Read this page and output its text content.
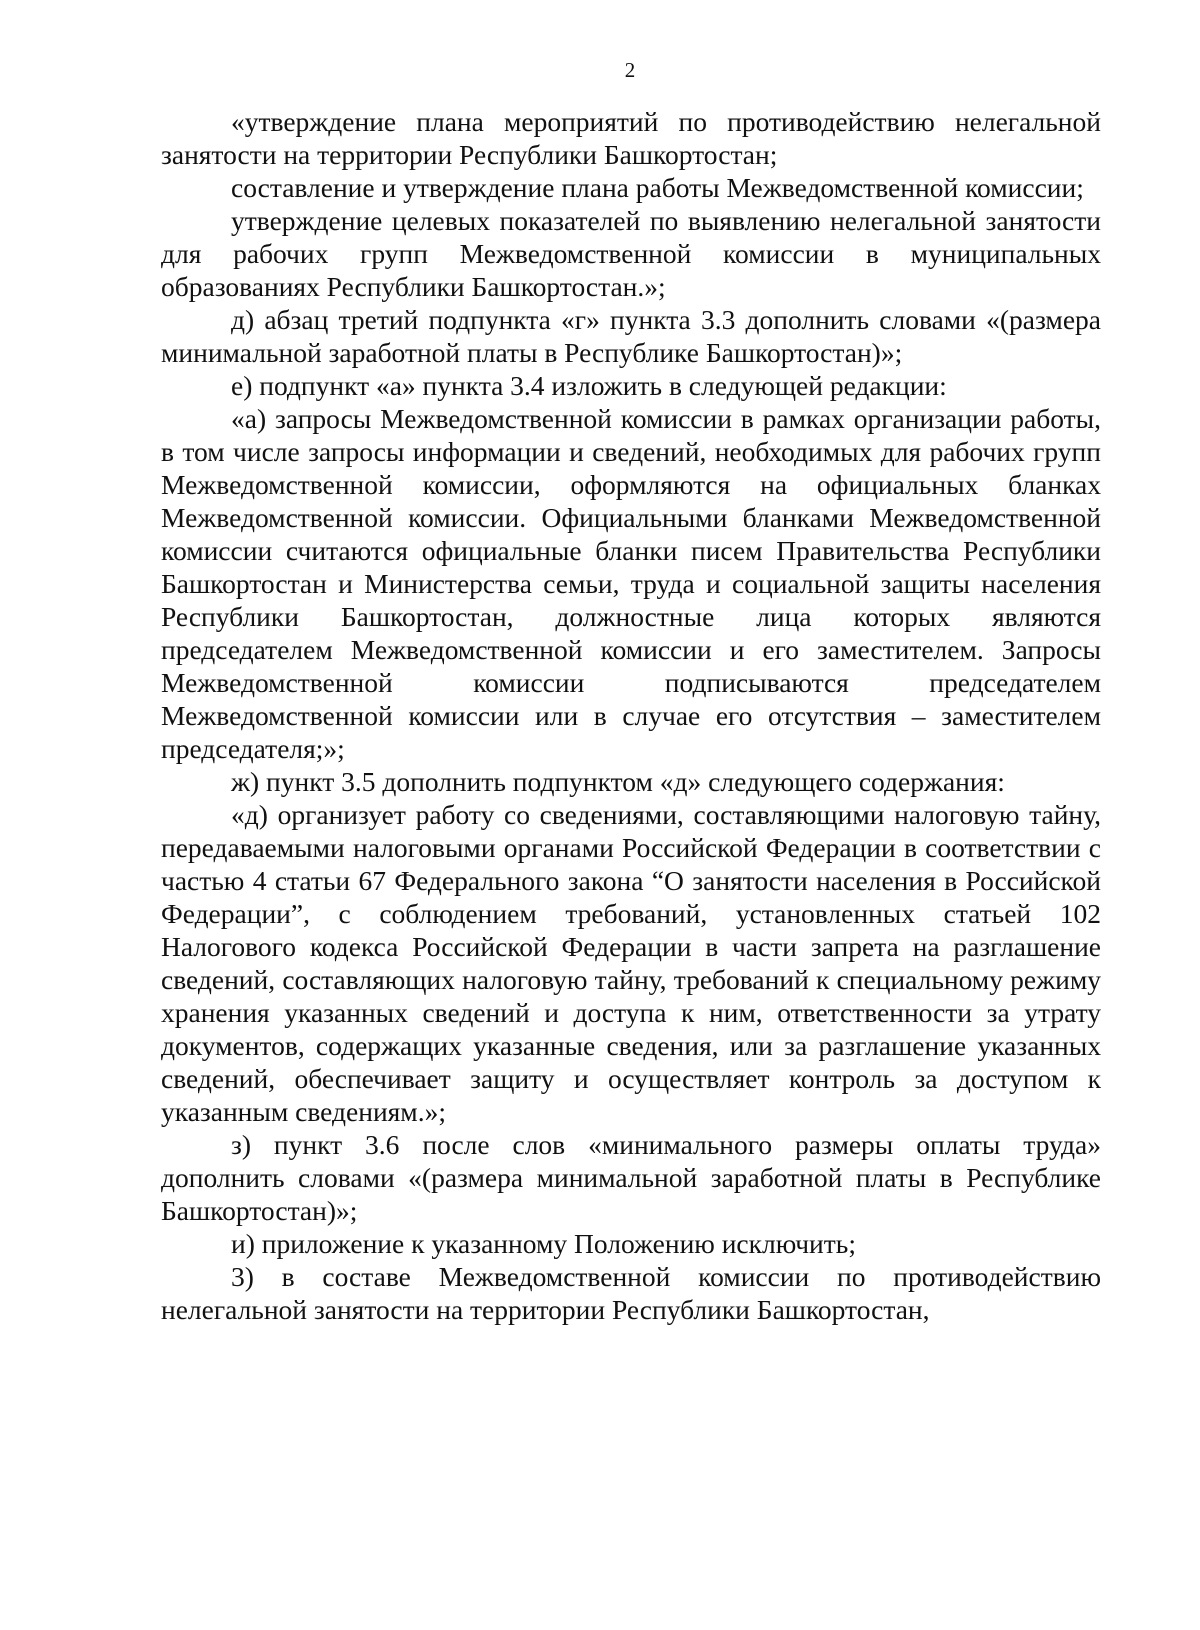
2

«утверждение плана мероприятий по противодействию нелегальной занятости на территории Республики Башкортостан;

составление и утверждение плана работы Межведомственной комиссии;

утверждение целевых показателей по выявлению нелегальной занятости для рабочих групп Межведомственной комиссии в муниципальных образованиях Республики Башкортостан.»;

д) абзац третий подпункта «г» пункта 3.3 дополнить словами «(размера минимальной заработной платы в Республике Башкортостан)»;

е) подпункт «а» пункта 3.4 изложить в следующей редакции:

«а) запросы Межведомственной комиссии в рамках организации работы, в том числе запросы информации и сведений, необходимых для рабочих групп Межведомственной комиссии, оформляются на официальных бланках Межведомственной комиссии. Официальными бланками Межведомственной комиссии считаются официальные бланки писем Правительства Республики Башкортостан и Министерства семьи, труда и социальной защиты населения Республики Башкортостан, должностные лица которых являются председателем Межведомственной комиссии и его заместителем. Запросы Межведомственной комиссии подписываются председателем Межведомственной комиссии или в случае его отсутствия – заместителем председателя;»;

ж) пункт 3.5 дополнить подпунктом «д» следующего содержания:

«д) организует работу со сведениями, составляющими налоговую тайну, передаваемыми налоговыми органами Российской Федерации в соответствии с частью 4 статьи 67 Федерального закона “О занятости населения в Российской Федерации”, с соблюдением требований, установленных статьей 102 Налогового кодекса Российской Федерации в части запрета на разглашение сведений, составляющих налоговую тайну, требований к специальному режиму хранения указанных сведений и доступа к ним, ответственности за утрату документов, содержащих указанные сведения, или за разглашение указанных сведений, обеспечивает защиту и осуществляет контроль за доступом к указанным сведениям.»;

з) пункт 3.6 после слов «минимального размеры оплаты труда» дополнить словами «(размера минимальной заработной платы в Республике Башкортостан)»;

и) приложение к указанному Положению исключить;

3) в составе Межведомственной комиссии по противодействию нелегальной занятости на территории Республики Башкортостан,
